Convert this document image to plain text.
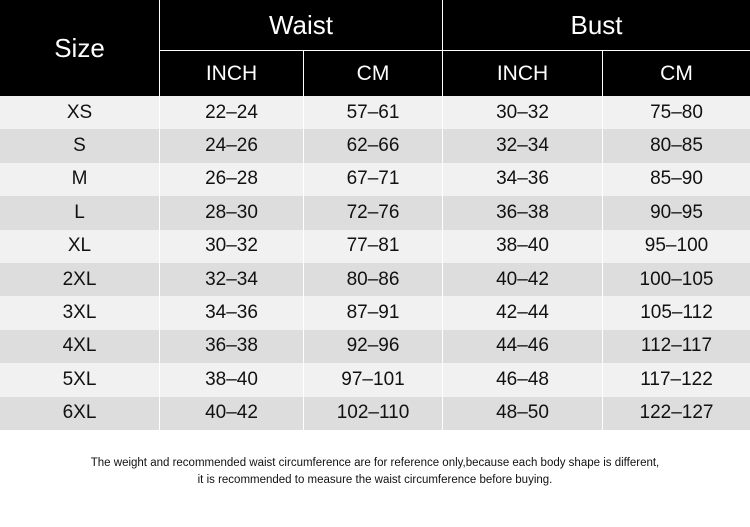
Size
Waist	Bust
INCH	CM	INCH	CM
XS	22–24	57–61	30–32	75–80
S	24–26	62–66	32–34	80–85
M	26–28	67–71	34–36	85–90
L	28–30	72–76	36–38	90–95
XL	30–32	77–81	38–40	95–100
2XL	32–34	80–86	40–42	100–105
3XL	34–36	87–91	42–44	105–112
4XL	36–38	92–96	44–46	112–117
5XL	38–40	97–101	46–48	117–122
6XL	40–42	102–110	48–50	122–127
The weight and recommended waist circumference are for reference only,because each body shape is different,
it is recommended to measure the waist circumference before buying.
